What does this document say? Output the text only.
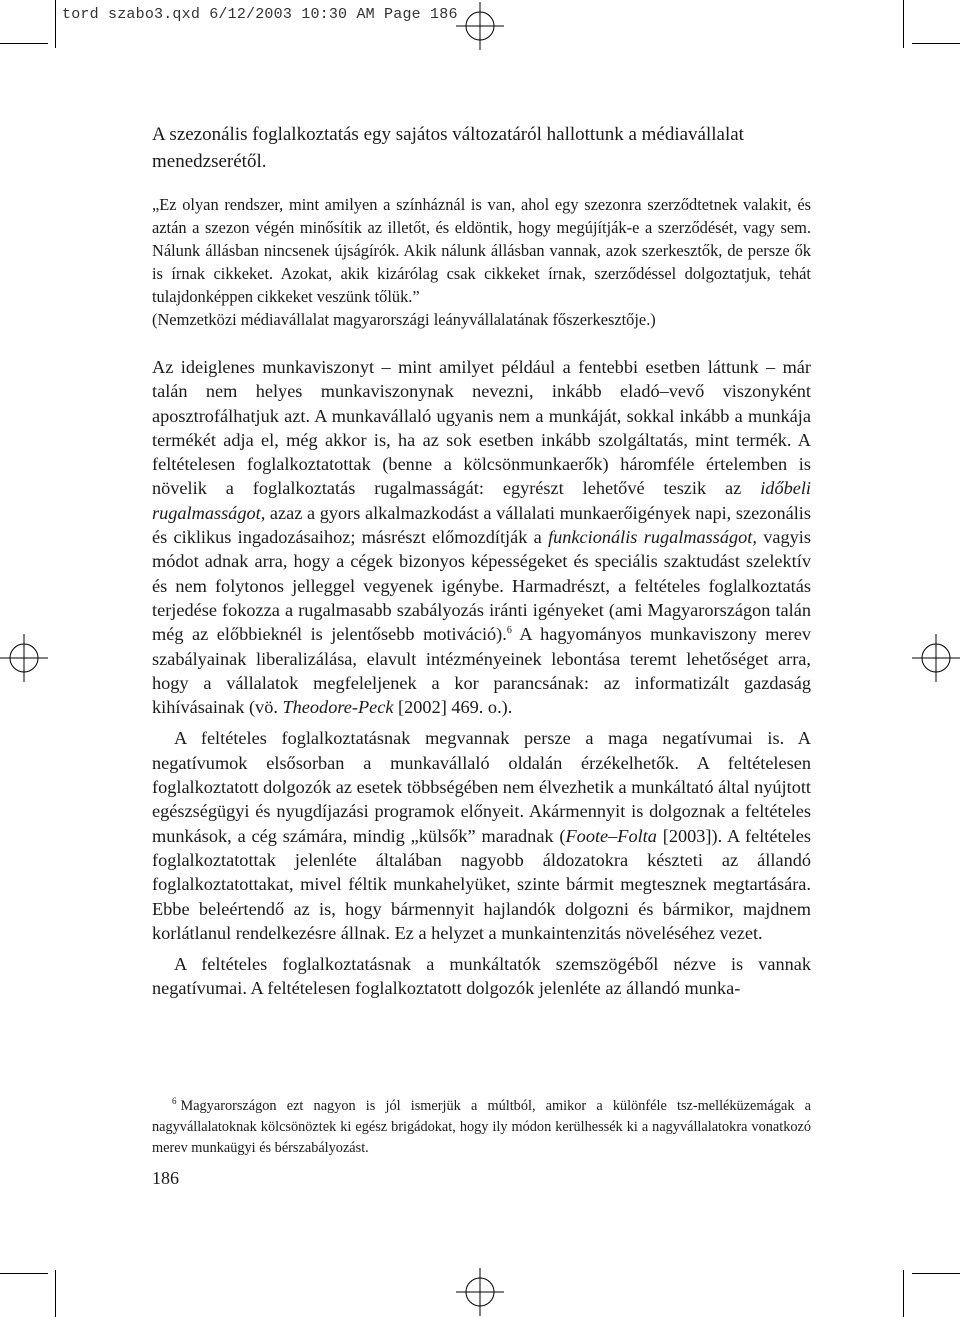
tord szabo3.qxd 6/12/2003 10:30 AM Page 186

A szezonális foglalkoztatás egy sajátos változatáról hallottunk a médiavállalat menedzserétől.

„Ez olyan rendszer, mint amilyen a színháznál is van, ahol egy szezonra szerződtetnek valakit, és aztán a szezon végén minősítik az illetőt, és eldöntik, hogy megújítják-e a szerződését, vagy sem. Nálunk állásban nincsenek újságírók. Akik nálunk állásban vannak, azok szerkesztők, de persze ők is írnak cikkeket. Azokat, akik kizárólag csak cikkeket írnak, szerződéssel dolgoztatjuk, tehát tulajdonképpen cikkeket veszünk tőlük.”
(Nemzetközi médiavállalat magyarországi leányvállalatának főszerkesztője.)

Az ideiglenes munkaviszonyt – mint amilyet például a fentebbi esetben láttunk – már talán nem helyes munkaviszonynak nevezni, inkább eladó–vevő viszonyként aposztrofálhatjuk azt. A munkavállaló ugyanis nem a munkáját, sokkal inkább a munkája termékét adja el, még akkor is, ha az sok esetben inkább szolgáltatás, mint termék. A feltételesen foglalkoztatottak (benne a kölcsönmunkaerők) háromféle értelemben is növelik a foglalkoztatás rugalmasságát: egyrészt lehetővé teszik az időbeli rugalmasságot, azaz a gyors alkalmazkodást a vállalati munkaerőigények napi, szezonális és ciklikus ingadozásaihoz; másrészt előmozdítják a funkcionális rugalmasságot, vagyis módot adnak arra, hogy a cégek bizonyos képességeket és speciális szaktudást szelektív és nem folytonos jelleggel vegyenek igénybe. Harmadrészt, a feltételes foglalkoztatás terjedése fokozza a rugalmasabb szabályozás iránti igényeket (ami Magyarországon talán még az előbbieknél is jelentősebb motiváció).$^6$ A hagyományos munkaviszony merev szabályainak liberalizálása, elavult intézményeinek lebontása teremt lehetőséget arra, hogy a vállalatok megfeleljenek a kor parancsának: az informatizált gazdaság kihívásainak (vö. Theodore-Peck [2002] 469. o.).

A feltételes foglalkoztatásnak megvannak persze a maga negatívumai is. A negatívumok elsősorban a munkavállaló oldalán érzékelhetők. A feltételesen foglalkoztatott dolgozók az esetek többségében nem élvezhetik a munkáltató által nyújtott egészségügyi és nyugdíjazási programok előnyeit. Akármennyit is dolgoznak a feltételes munkások, a cég számára, mindig „külsők” maradnak (Foote–Folta [2003]). A feltételes foglalkoztatottak jelenléte általában nagyobb áldozatokra készteti az állandó foglalkoztatottakat, mivel féltik munkahelyüket, szinte bármit megtesznek megtartására. Ebbe beleértendő az is, hogy bármennyit hajlandók dolgozni és bármikor, majdnem korlátlanul rendelkezésre állnak. Ez a helyzet a munkaintenzitás növeléséhez vezet.

A feltételes foglalkoztatásnak a munkáltatók szemszögéből nézve is vannak negatívumai. A feltételesen foglalkoztatott dolgozók jelenléte az állandó munka-

$^6$ Magyarországon ezt nagyon is jól ismerjük a múltból, amikor a különféle tsz-melléküzemágak a nagyvállalatoknak kölcsönöztek ki egész brigádokat, hogy ily módon kerülhessék ki a nagyvállalatokra vonatkozó merev munkaügyi és bérszabályozást.
186
